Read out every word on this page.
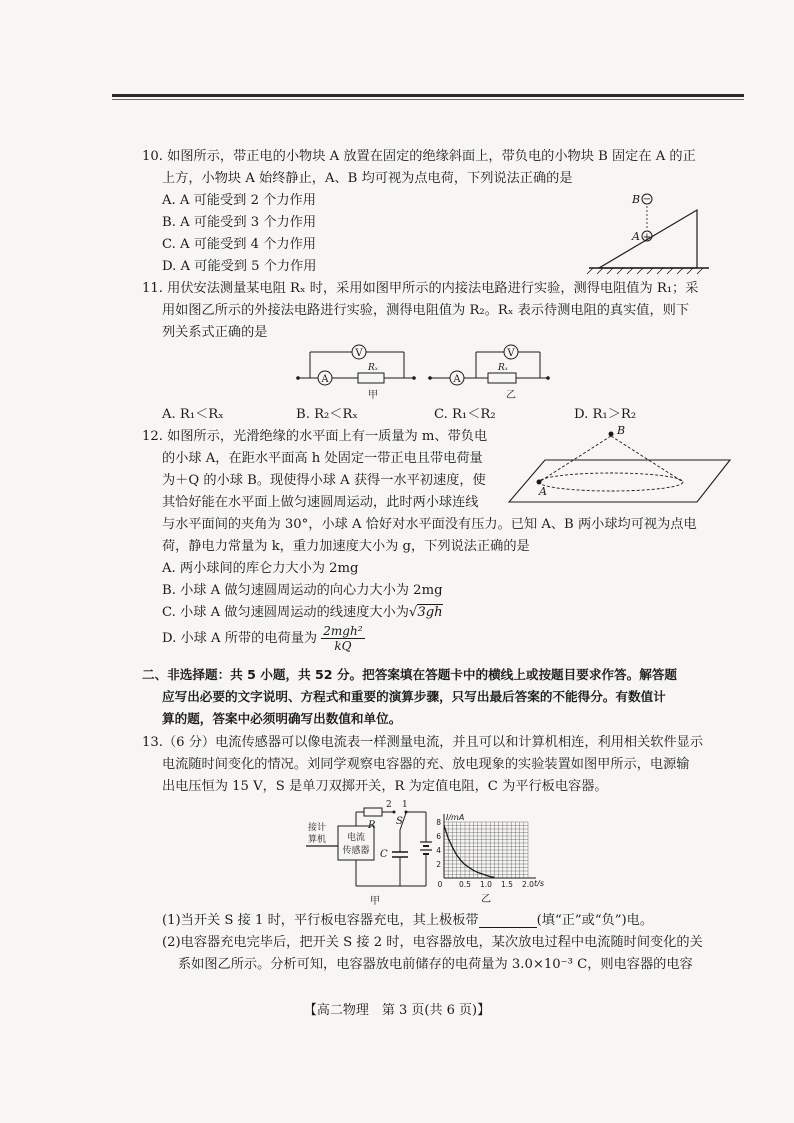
10. 如图所示，带正电的小物块 A 放置在固定的绝缘斜面上，带负电的小物块 B 固定在 A 的正
上方，小物块 A 始终静止，A、B 均可视为点电荷，下列说法正确的是
A. A 可能受到 2 个力作用
B. A 可能受到 3 个力作用
C. A 可能受到 4 个力作用
D. A 可能受到 5 个力作用
−
B
+
A
11. 用伏安法测量某电阻 Rₓ 时，采用如图甲所示的内接法电路进行实验，测得电阻值为 R₁；采
用如图乙所示的外接法电路进行实验，测得电阻值为 R₂。Rₓ 表示待测电阻的真实值，则下
列关系式正确的是
A
V
Rₓ
甲
A
V
Rₓ
乙
A. R₁＜Rₓ	B. R₂＜Rₓ	C. R₁＜R₂	D. R₁＞R₂
12. 如图所示，光滑绝缘的水平面上有一质量为 m、带负电
的小球 A，在距水平面高 h 处固定一带正电且带电荷量
为＋Q 的小球 B。现使得小球 A 获得一水平初速度，使
其恰好能在水平面上做匀速圆周运动，此时两小球连线
与水平面间的夹角为 30°，小球 A 恰好对水平面没有压力。已知 A、B 两小球均可视为点电
荷，静电力常量为 k，重力加速度大小为 g，下列说法正确的是
B
A
A. 两小球间的库仑力大小为 2mg
B. 小球 A 做匀速圆周运动的向心力大小为 2mg
C. 小球 A 做匀速圆周运动的线速度大小为√3gh
D. 小球 A 所带的电荷量为 $\frac{\text{2mgh²}}{kQ}$
二、非选择题：共 5 小题，共 52 分。把答案填在答题卡中的横线上或按题目要求作答。解答题
应写出必要的文字说明、方程式和重要的演算步骤，只写出最后答案的不能得分。有数值计
算的题，答案中必须明确写出数值和单位。
13.（6 分）电流传感器可以像电流表一样测量电流，并且可以和计算机相连，利用相关软件显示
电流随时间变化的情况。刘同学观察电容器的充、放电现象的实验装置如图甲所示，电源输
出电压恒为 15 V，S 是单刀双掷开关，R 为定值电阻，C 为平行板电容器。
接计
算机 电流
传感器
R
2 1
S
C
甲
8
6
4
2
0 0.5 1.0 1.5 2.0
I/mA
t/s
乙
(1)当开关 S 接 1 时，平行板电容器充电，其上极板带	(填“正”或“负”)电。
(2)电容器充电完毕后，把开关 S 接 2 时，电容器放电，某次放电过程中电流随时间变化的关
系如图乙所示。分析可知，电容器放电前储存的电荷量为 3.0×10⁻³ C，则电容器的电容
【高二物理　第 3 页(共 6 页)】
